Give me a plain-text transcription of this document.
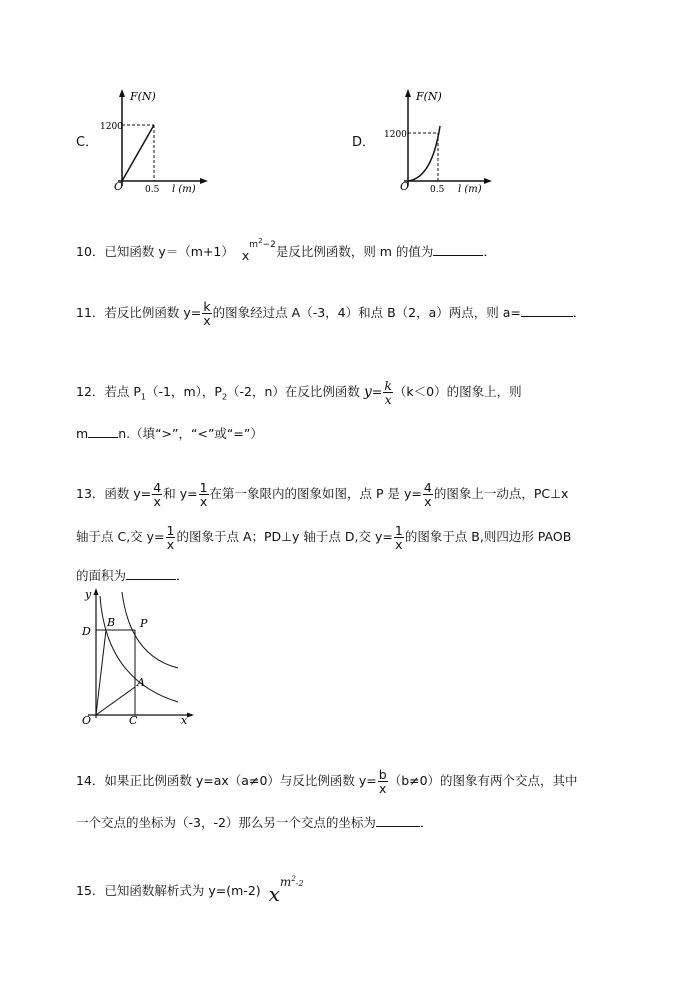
C．
F(N)
1200
O 0.5 l (m)
D．
F(N)
1200
O 0.5 l (m)
10．已知函数 y＝（m+1） $x^{m^2-2}$是反比例函数，则 m 的值为	．
11．若反比例函数 $y= \frac{k}{x}$ 的图象经过点 A（-3，4）和点 B（2，a）两点，则 a=	．
12．若点 $P_1(-1$，m），$P_2(-2$，n）在反比例函数 $y= \frac{k}{x} (k<0)$的图象上，则
m n.（填“>”，“<”或“=”）
13．函数 $y= \frac{4}{x}$ 和 $y= \frac{1}{x}$ 在第一象限内的图象如图，点 P 是 $y= \frac{4}{x}$ 的图象上一动点，PC⊥x
轴于点 C,交 $y= \frac{1}{x}$ 的图象于点 A；PD⊥y 轴于点 D,交 $y= \frac{1}{x}$ 的图象于点 B,则四边形 PAOB
的面积为	．
y
x
O	C
D
B P
A
14．如果正比例函数 y=ax（a≠0）与反比例函数 $y= \frac{b}{x} (b\ne 0)$的图象有两个交点，其中
一个交点的坐标为（-3，-2）那么另一个交点的坐标为	．
15．已知函数解析式为 y=(m-2) $x^{m^2-2}$
